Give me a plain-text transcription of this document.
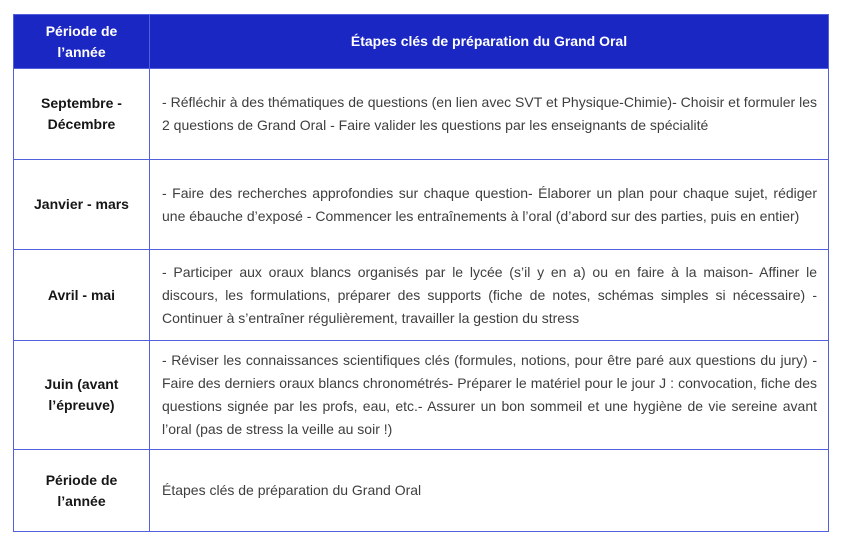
Période de l’année	Étapes clés de préparation du Grand Oral
Septembre - Décembre	- Réfléchir à des thématiques de questions (en lien avec SVT et Physique-Chimie)- Choisir et formuler les 2 questions de Grand Oral - Faire valider les questions par les enseignants de spécialité
Janvier - mars	- Faire des recherches approfondies sur chaque question- Élaborer un plan pour chaque sujet, rédiger une ébauche d’exposé - Commencer les entraînements à l’oral (d’abord sur des parties, puis en entier)
Avril - mai	- Participer aux oraux blancs organisés par le lycée (s’il y en a) ou en faire à la maison- Affiner le discours, les formulations, préparer des supports (fiche de notes, schémas simples si nécessaire) - Continuer à s’entraîner régulièrement, travailler la gestion du stress
Juin (avant l’épreuve)	- Réviser les connaissances scientifiques clés (formules, notions, pour être paré aux questions du jury) - Faire des derniers oraux blancs chronométrés- Préparer le matériel pour le jour J : convocation, fiche des questions signée par les profs, eau, etc.- Assurer un bon sommeil et une hygiène de vie sereine avant l’oral (pas de stress la veille au soir !)
Période de l’année	Étapes clés de préparation du Grand Oral
